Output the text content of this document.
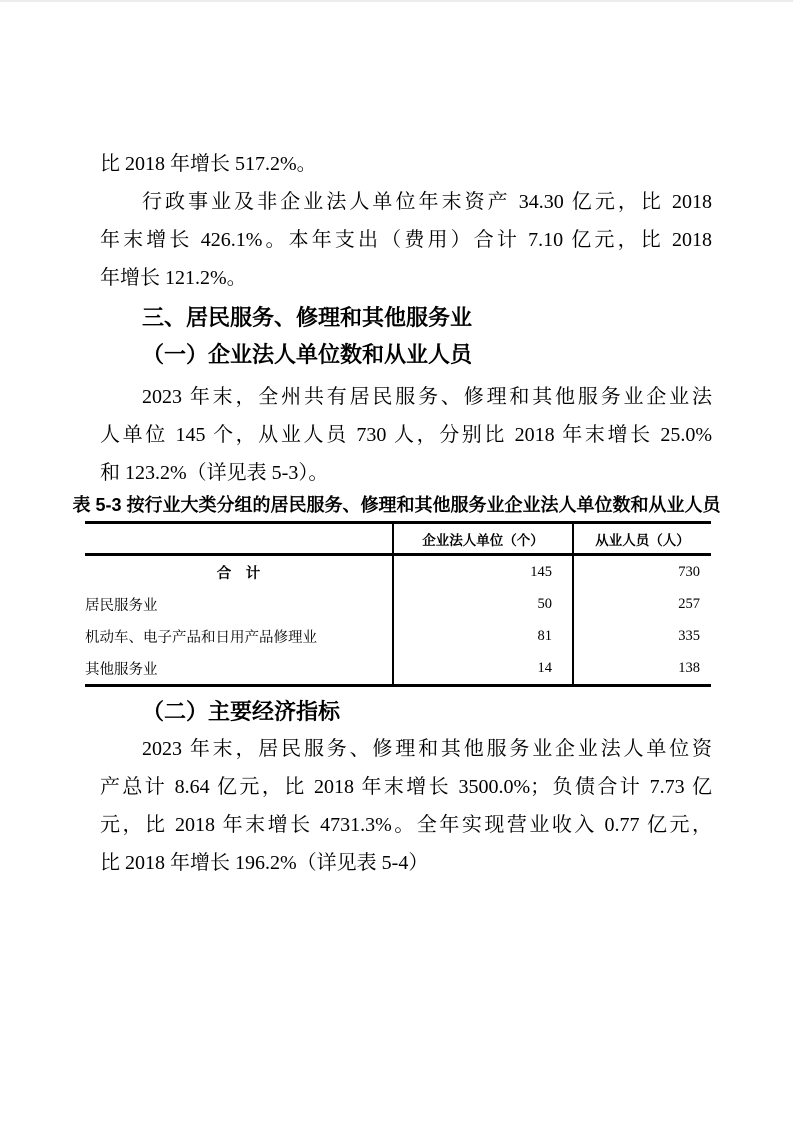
比 2018 年增长 517.2%。
行政事业及非企业法人单位年末资产 34.30 亿元，比 2018
年末增长 426.1%。本年支出（费用）合计 7.10 亿元，比 2018
年增长 121.2%。
三、居民服务、修理和其他服务业
（一）企业法人单位数和从业人员
2023 年末，全州共有居民服务、修理和其他服务业企业法
人单位 145 个，从业人员 730 人，分别比 2018 年末增长 25.0%
和 123.2%（详见表 5-3）。
表 5-3 按行业大类分组的居民服务、修理和其他服务业企业法人单位数和从业人员
	企业法人单位（个）	从业人员（人）
合　计	145	730
居民服务业	50	257
机动车、电子产品和日用产品修理业	81	335
其他服务业	14	138
（二）主要经济指标
2023 年末，居民服务、修理和其他服务业企业法人单位资
产总计 8.64 亿元，比 2018 年末增长 3500.0%；负债合计 7.73 亿
元，比 2018 年末增长 4731.3%。全年实现营业收入 0.77 亿元，
比 2018 年增长 196.2%（详见表 5-4）
